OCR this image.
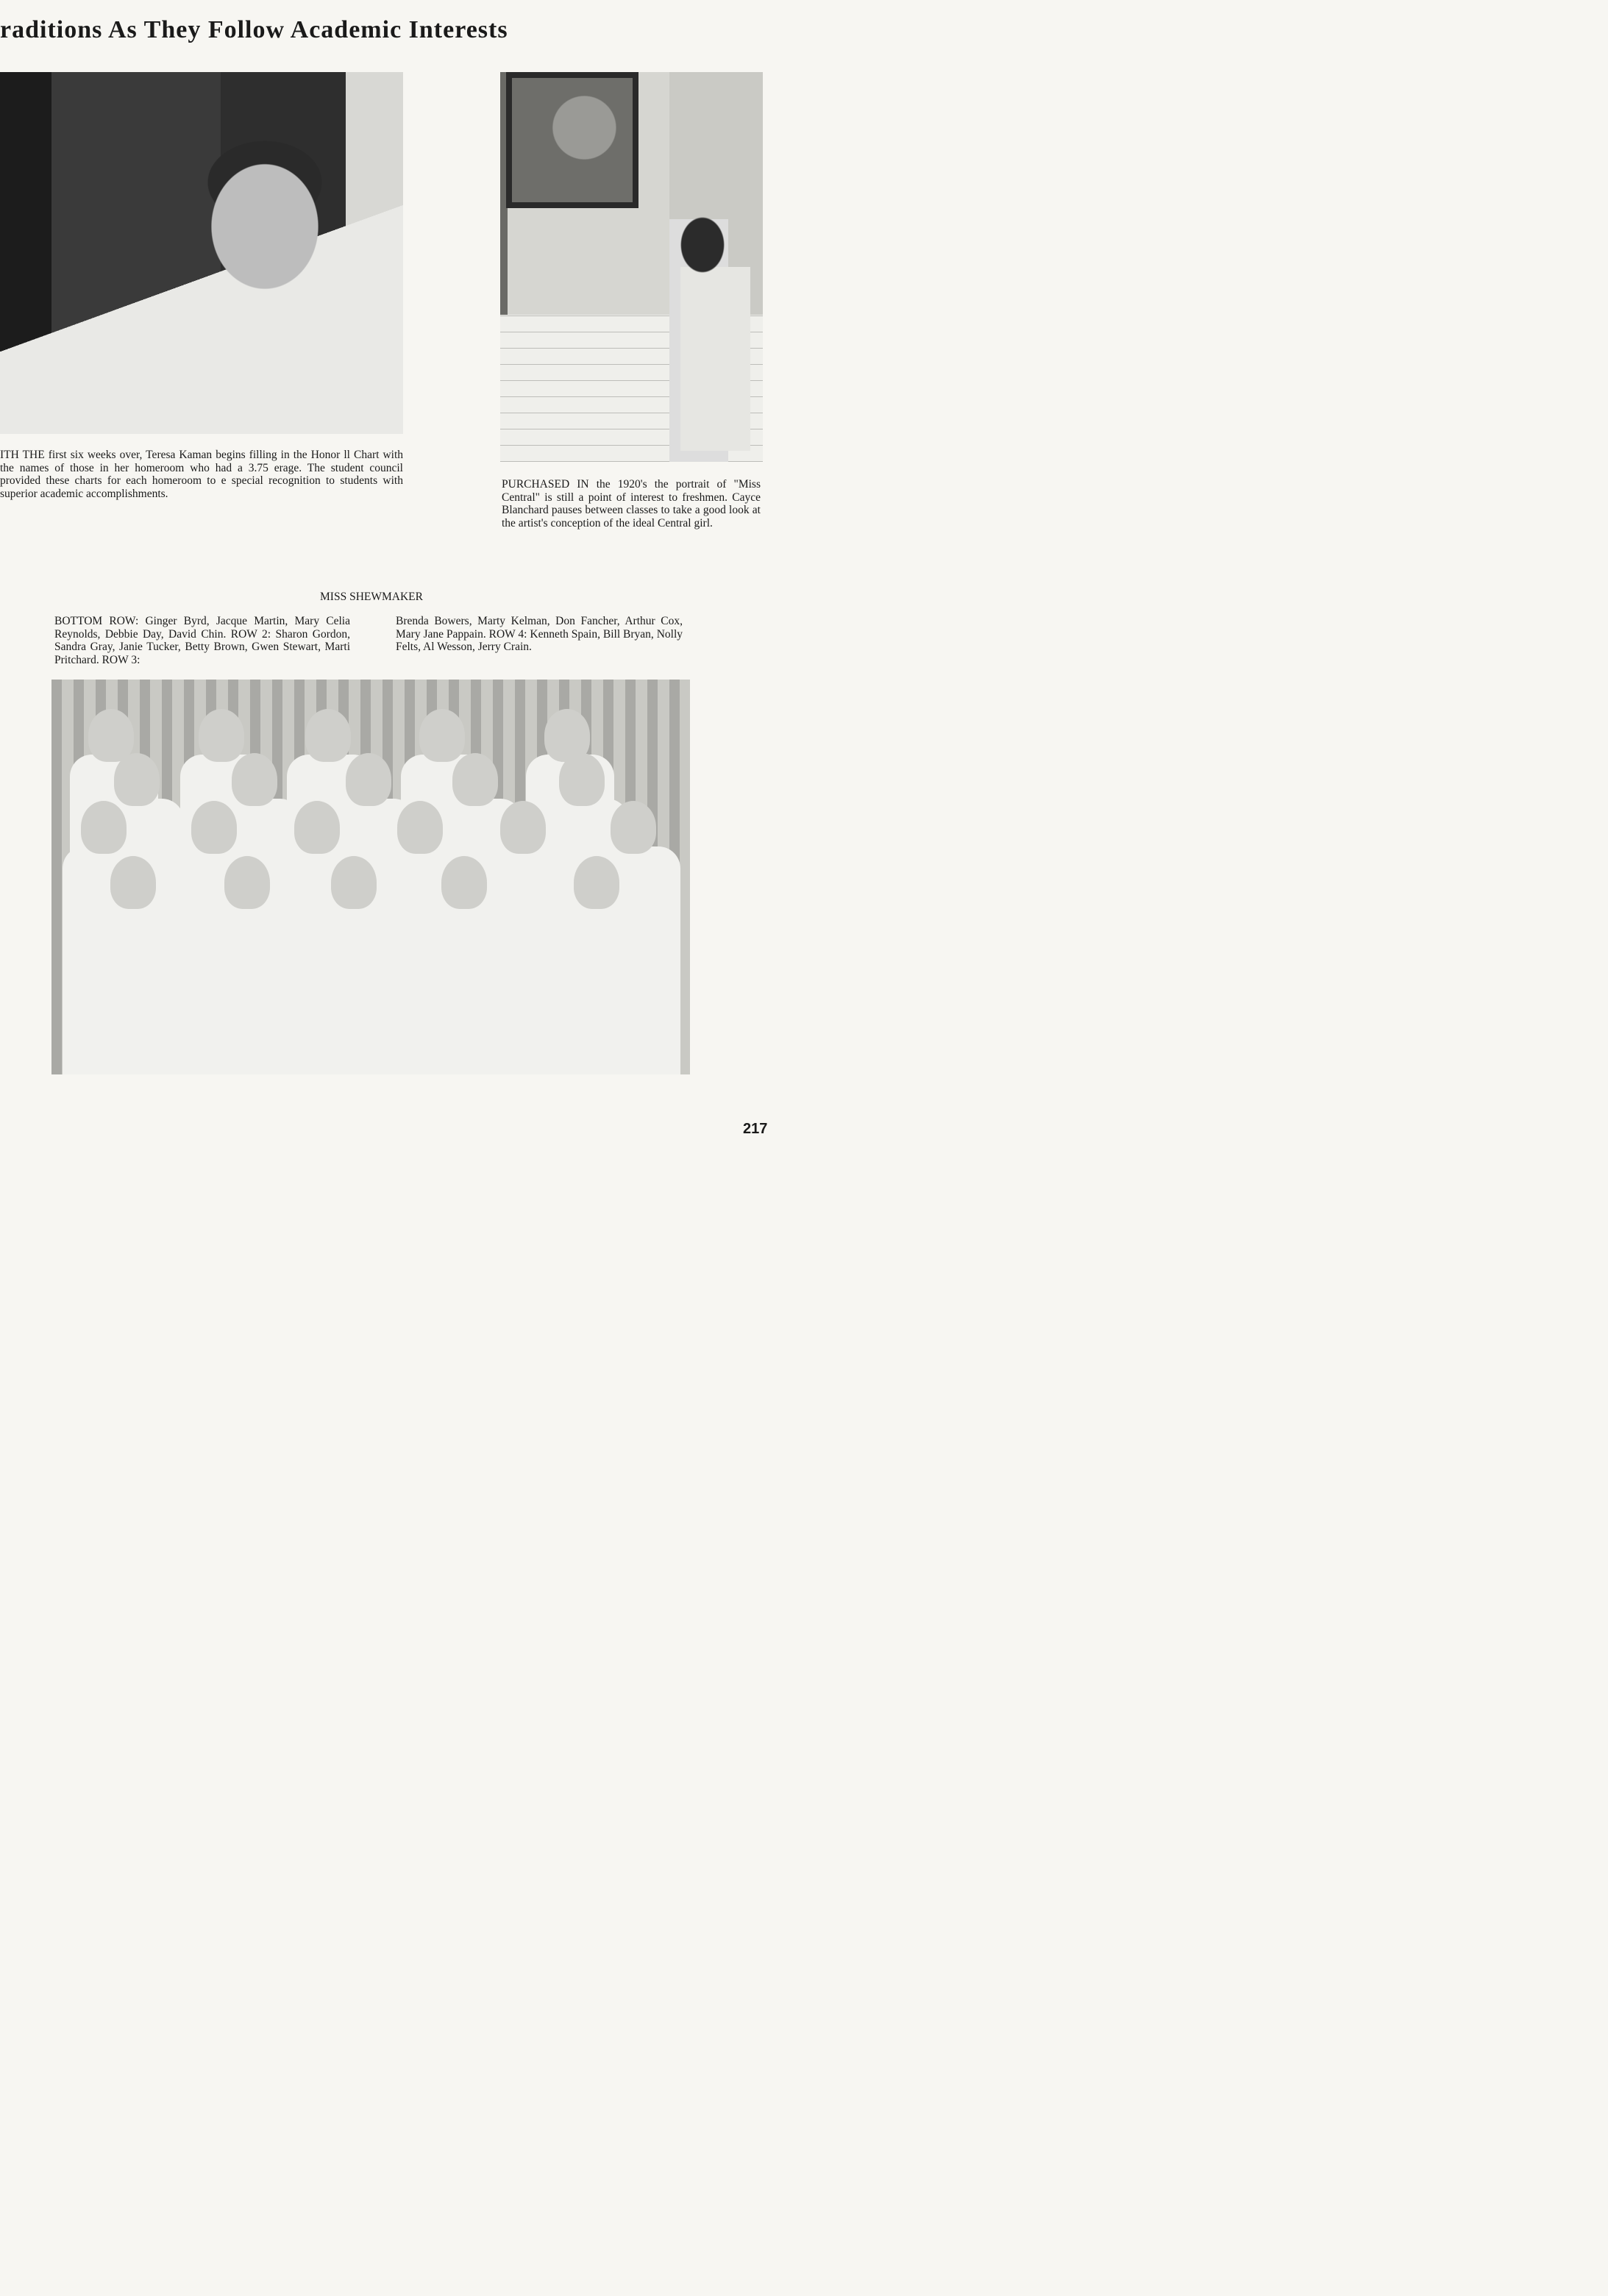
raditions As They Follow Academic Interests
ITH THE first six weeks over, Teresa Kaman begins filling in the Honor ll Chart with the names of those in her homeroom who had a 3.75 erage. The student council provided these charts for each homeroom to e special recognition to students with superior academic accomplishments.
PURCHASED IN the 1920's the portrait of "Miss Central" is still a point of interest to freshmen. Cayce Blanchard pauses between classes to take a good look at the artist's conception of the ideal Central girl.
MISS SHEWMAKER
BOTTOM ROW: Ginger Byrd, Jacque Martin, Mary Celia Reynolds, Debbie Day, David Chin. ROW 2: Sharon Gordon, Sandra Gray, Janie Tucker, Betty Brown, Gwen Stewart, Marti Pritchard. ROW 3:
Brenda Bowers, Marty Kelman, Don Fancher, Arthur Cox, Mary Jane Pappain. ROW 4: Kenneth Spain, Bill Bryan, Nolly Felts, Al Wesson, Jerry Crain.
217
